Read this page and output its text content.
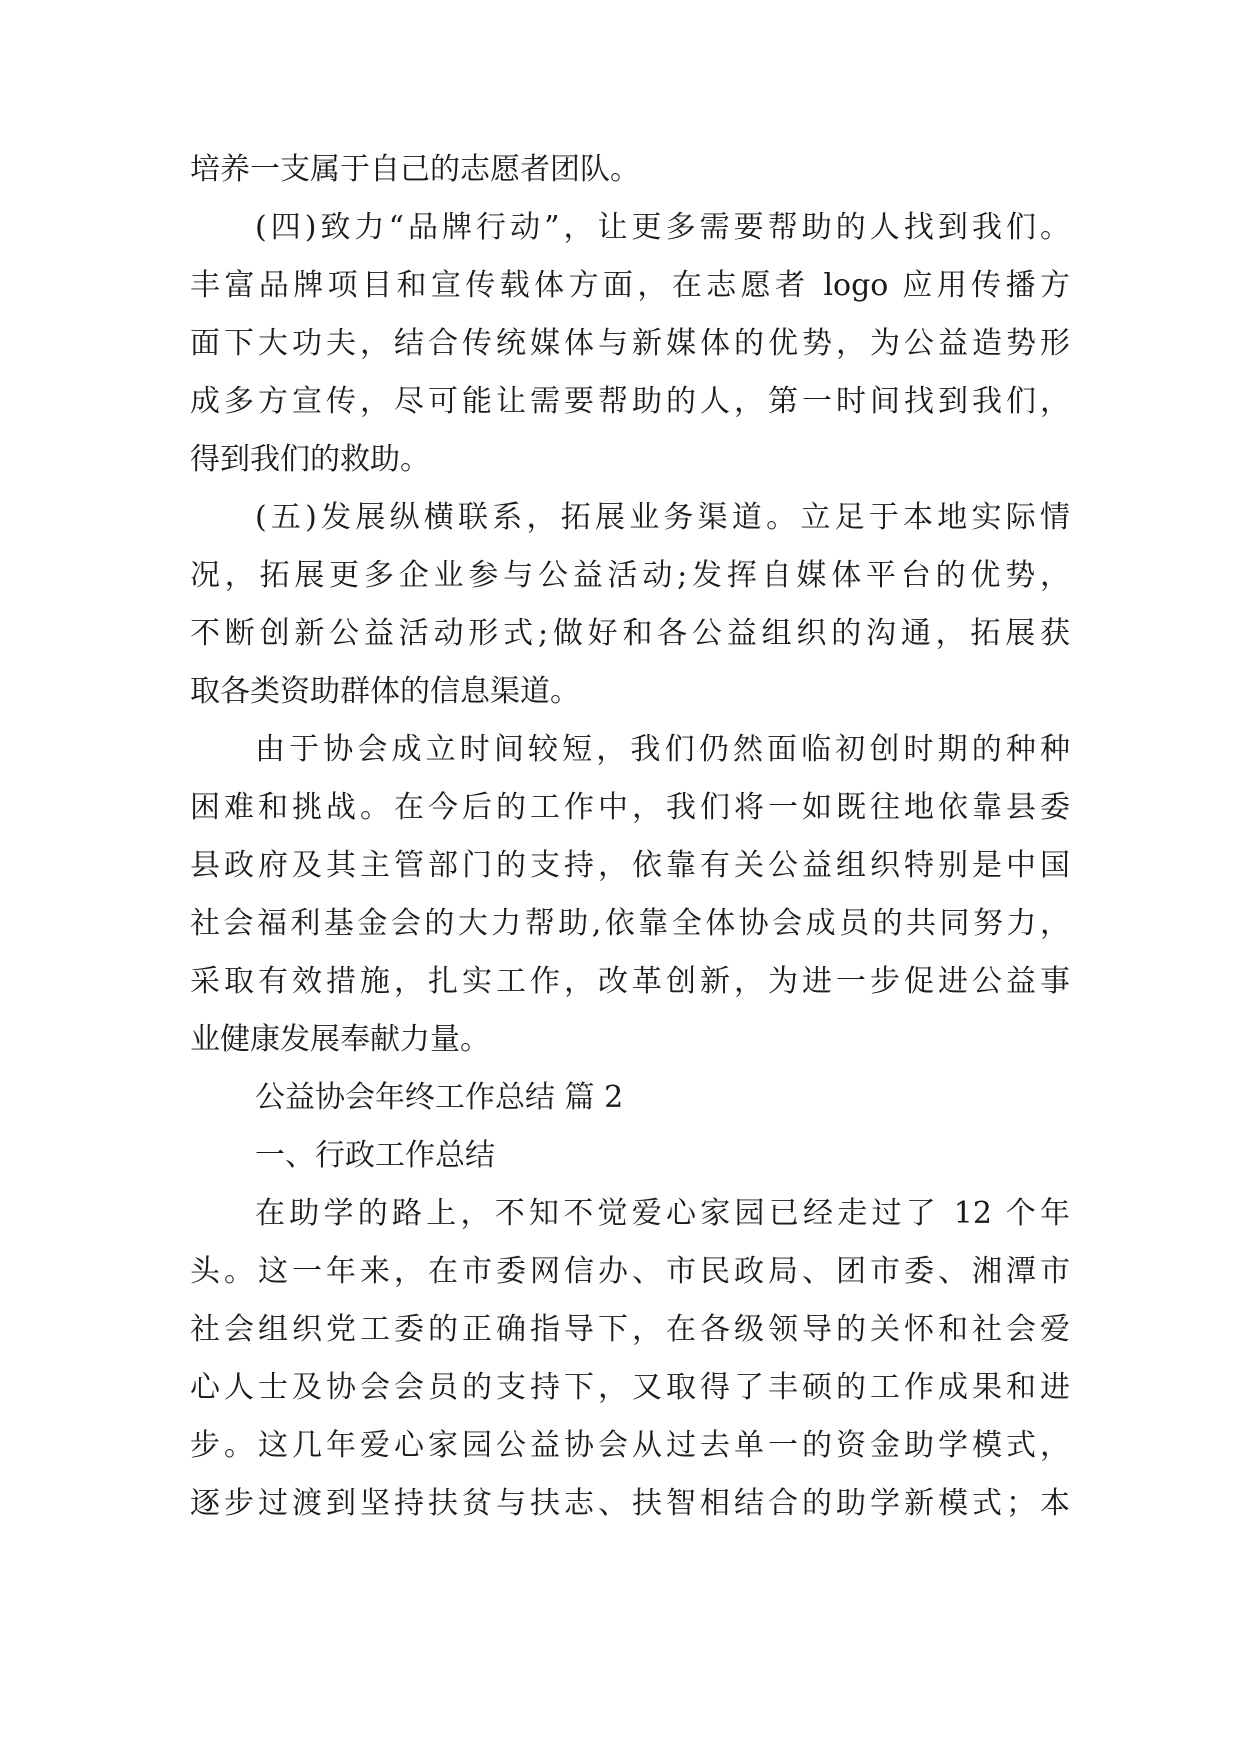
培养一支属于自己的志愿者团队。

(四)致力“品牌行动”，让更多需要帮助的人找到我们。

丰富品牌项目和宣传载体方面，在志愿者 logo 应用传播方

面下大功夫，结合传统媒体与新媒体的优势，为公益造势形

成多方宣传，尽可能让需要帮助的人，第一时间找到我们，

得到我们的救助。

(五)发展纵横联系，拓展业务渠道。立足于本地实际情

况，拓展更多企业参与公益活动;发挥自媒体平台的优势，

不断创新公益活动形式;做好和各公益组织的沟通，拓展获

取各类资助群体的信息渠道。

由于协会成立时间较短，我们仍然面临初创时期的种种

困难和挑战。在今后的工作中，我们将一如既往地依靠县委

县政府及其主管部门的支持，依靠有关公益组织特别是中国

社会福利基金会的大力帮助,依靠全体协会成员的共同努力，

采取有效措施，扎实工作，改革创新，为进一步促进公益事

业健康发展奉献力量。

公益协会年终工作总结 篇 2

一、行政工作总结

在助学的路上，不知不觉爱心家园已经走过了 12 个年

头。这一年来，在市委网信办、市民政局、团市委、湘潭市

社会组织党工委的正确指导下，在各级领导的关怀和社会爱

心人士及协会会员的支持下，又取得了丰硕的工作成果和进

步。这几年爱心家园公益协会从过去单一的资金助学模式，

逐步过渡到坚持扶贫与扶志、扶智相结合的助学新模式；本
